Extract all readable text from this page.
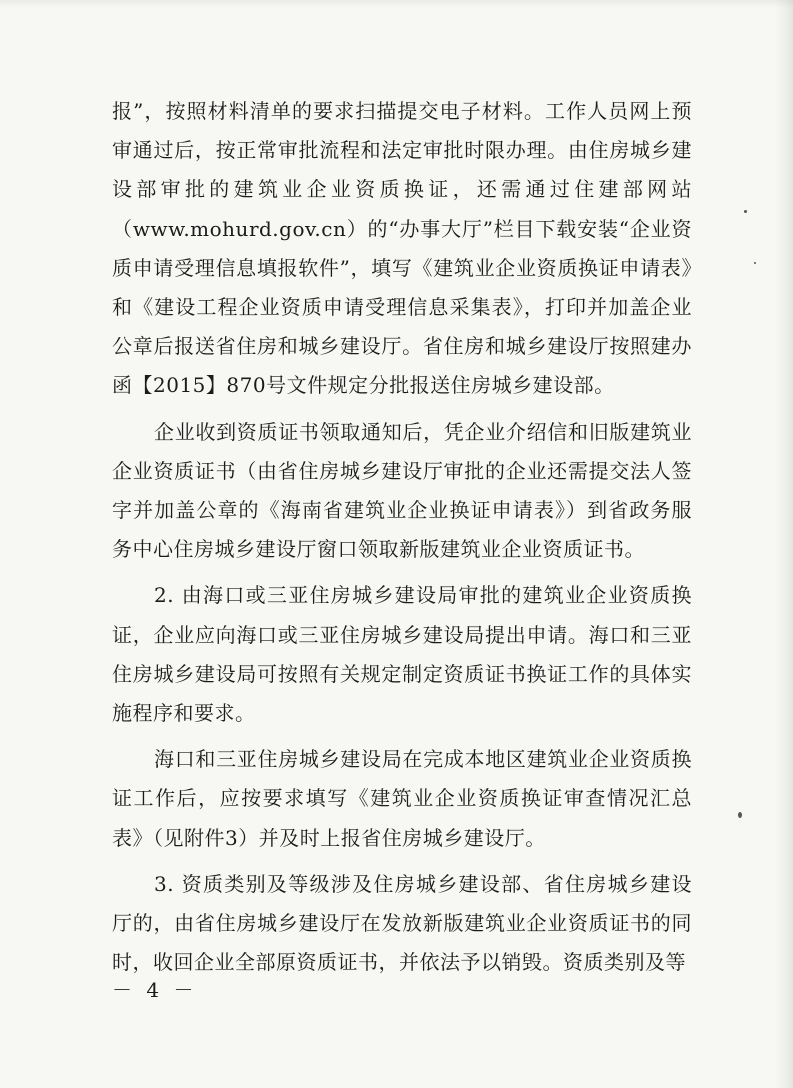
报”，按照材料清单的要求扫描提交电子材料。工作人员网上预审通过后，按正常审批流程和法定审批时限办理。由住房城乡建设部审批的建筑业企业资质换证，还需通过住建部网站（www.mohurd.gov.cn）的“办事大厅”栏目下载安装“企业资质申请受理信息填报软件”，填写《建筑业企业资质换证申请表》和《建设工程企业资质申请受理信息采集表》，打印并加盖企业公章后报送省住房和城乡建设厅。省住房和城乡建设厅按照建办函【2015】870号文件规定分批报送住房城乡建设部。

企业收到资质证书领取通知后，凭企业介绍信和旧版建筑业企业资质证书（由省住房城乡建设厅审批的企业还需提交法人签字并加盖公章的《海南省建筑业企业换证申请表》）到省政务服务中心住房城乡建设厅窗口领取新版建筑业企业资质证书。

2. 由海口或三亚住房城乡建设局审批的建筑业企业资质换证，企业应向海口或三亚住房城乡建设局提出申请。海口和三亚住房城乡建设局可按照有关规定制定资质证书换证工作的具体实施程序和要求。

海口和三亚住房城乡建设局在完成本地区建筑业企业资质换证工作后，应按要求填写《建筑业企业资质换证审查情况汇总表》（见附件3）并及时上报省住房城乡建设厅。

3. 资质类别及等级涉及住房城乡建设部、省住房城乡建设厅的，由省住房城乡建设厅在发放新版建筑业企业资质证书的同时，收回企业全部原资质证书，并依法予以销毁。资质类别及等

－ 4 －
